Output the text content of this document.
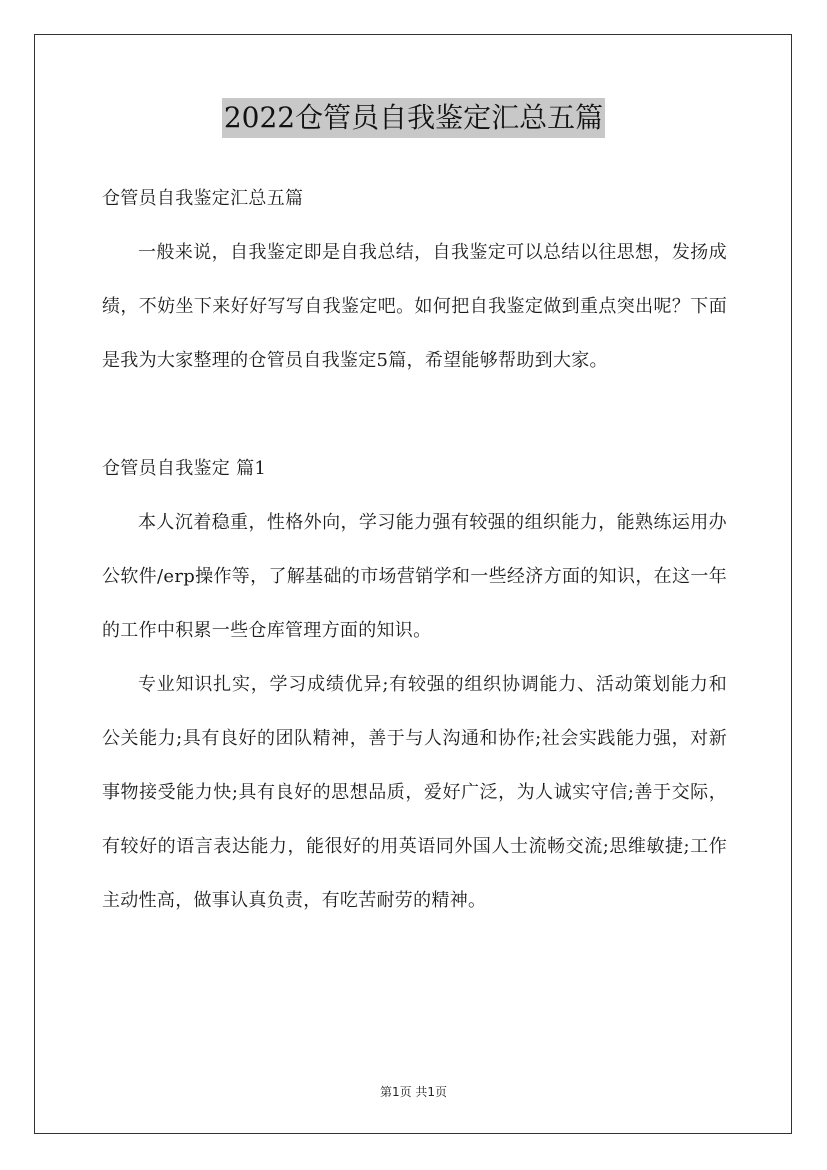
2022仓管员自我鉴定汇总五篇
仓管员自我鉴定汇总五篇
一般来说，自我鉴定即是自我总结，自我鉴定可以总结以往思想，发扬成绩，不妨坐下来好好写写自我鉴定吧。如何把自我鉴定做到重点突出呢？下面是我为大家整理的仓管员自我鉴定5篇，希望能够帮助到大家。
仓管员自我鉴定 篇1
本人沉着稳重，性格外向，学习能力强有较强的组织能力，能熟练运用办公软件/erp操作等，了解基础的市场营销学和一些经济方面的知识，在这一年的工作中积累一些仓库管理方面的知识。
专业知识扎实，学习成绩优异;有较强的组织协调能力、活动策划能力和公关能力;具有良好的团队精神，善于与人沟通和协作;社会实践能力强，对新事物接受能力快;具有良好的思想品质，爱好广泛，为人诚实守信;善于交际，有较好的语言表达能力，能很好的用英语同外国人士流畅交流;思维敏捷;工作主动性高，做事认真负责，有吃苦耐劳的精神。
第1页 共1页
